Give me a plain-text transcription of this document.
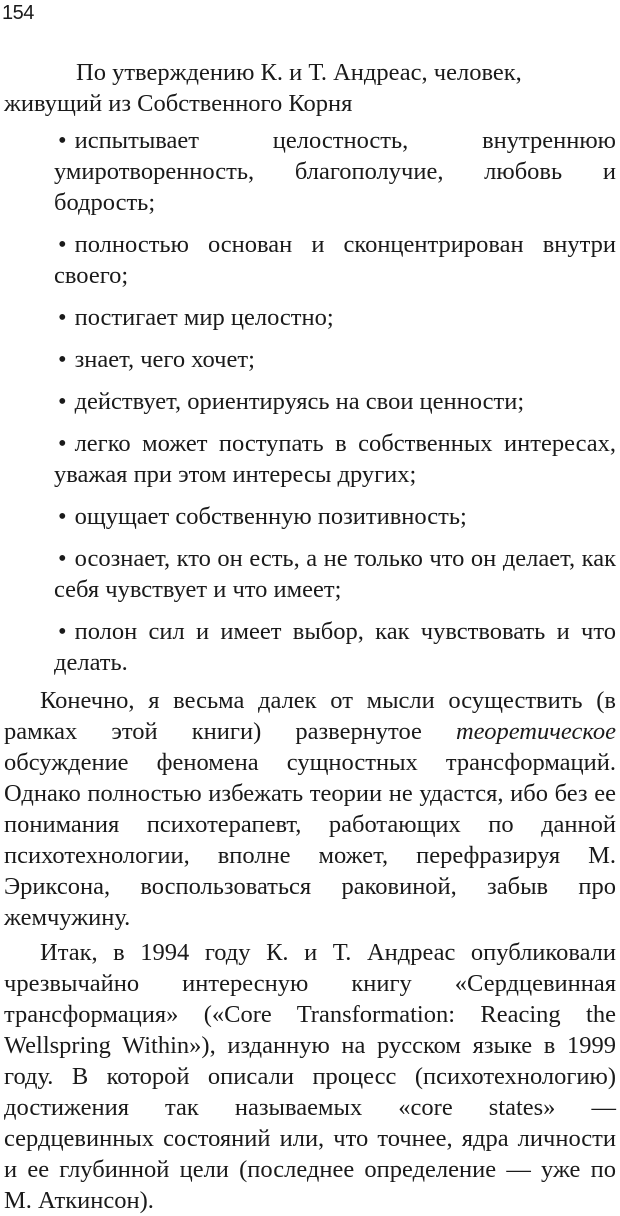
154

По утверждению К. и Т. Андреас, человек, живущий из Собственного Корня

• испытывает целостность, внутреннюю умиротворенность, благополучие, любовь и бодрость;
• полностью основан и сконцентрирован внутри своего;
• постигает мир целостно;
• знает, чего хочет;
• действует, ориентируясь на свои ценности;
• легко может поступать в собственных интересах, уважая при этом интересы других;
• ощущает собственную позитивность;
• осознает, кто он есть, а не только что он делает, как себя чувствует и что имеет;
• полон сил и имеет выбор, как чувствовать и что делать.

Конечно, я весьма далек от мысли осуществить (в рамках этой книги) развернутое теоретическое обсуждение феномена сущностных трансформаций. Однако полностью избежать теории не удастся, ибо без ее понимания психотерапевт, работающих по данной психотехнологии, вполне может, перефразируя М. Эриксона, воспользоваться раковиной, забыв про жемчужину.

Итак, в 1994 году К. и Т. Андреас опубликовали чрезвычайно интересную книгу «Сердцевинная трансформация» («Core Transformation: Reacing the Wellspring Within»), изданную на русском языке в 1999 году. В которой описали процесс (психотехнологию) достижения так называемых «core states» — сердцевинных состояний или, что точнее, ядра личности и ее глубинной цели (последнее определение — уже по М. Аткинсон).
